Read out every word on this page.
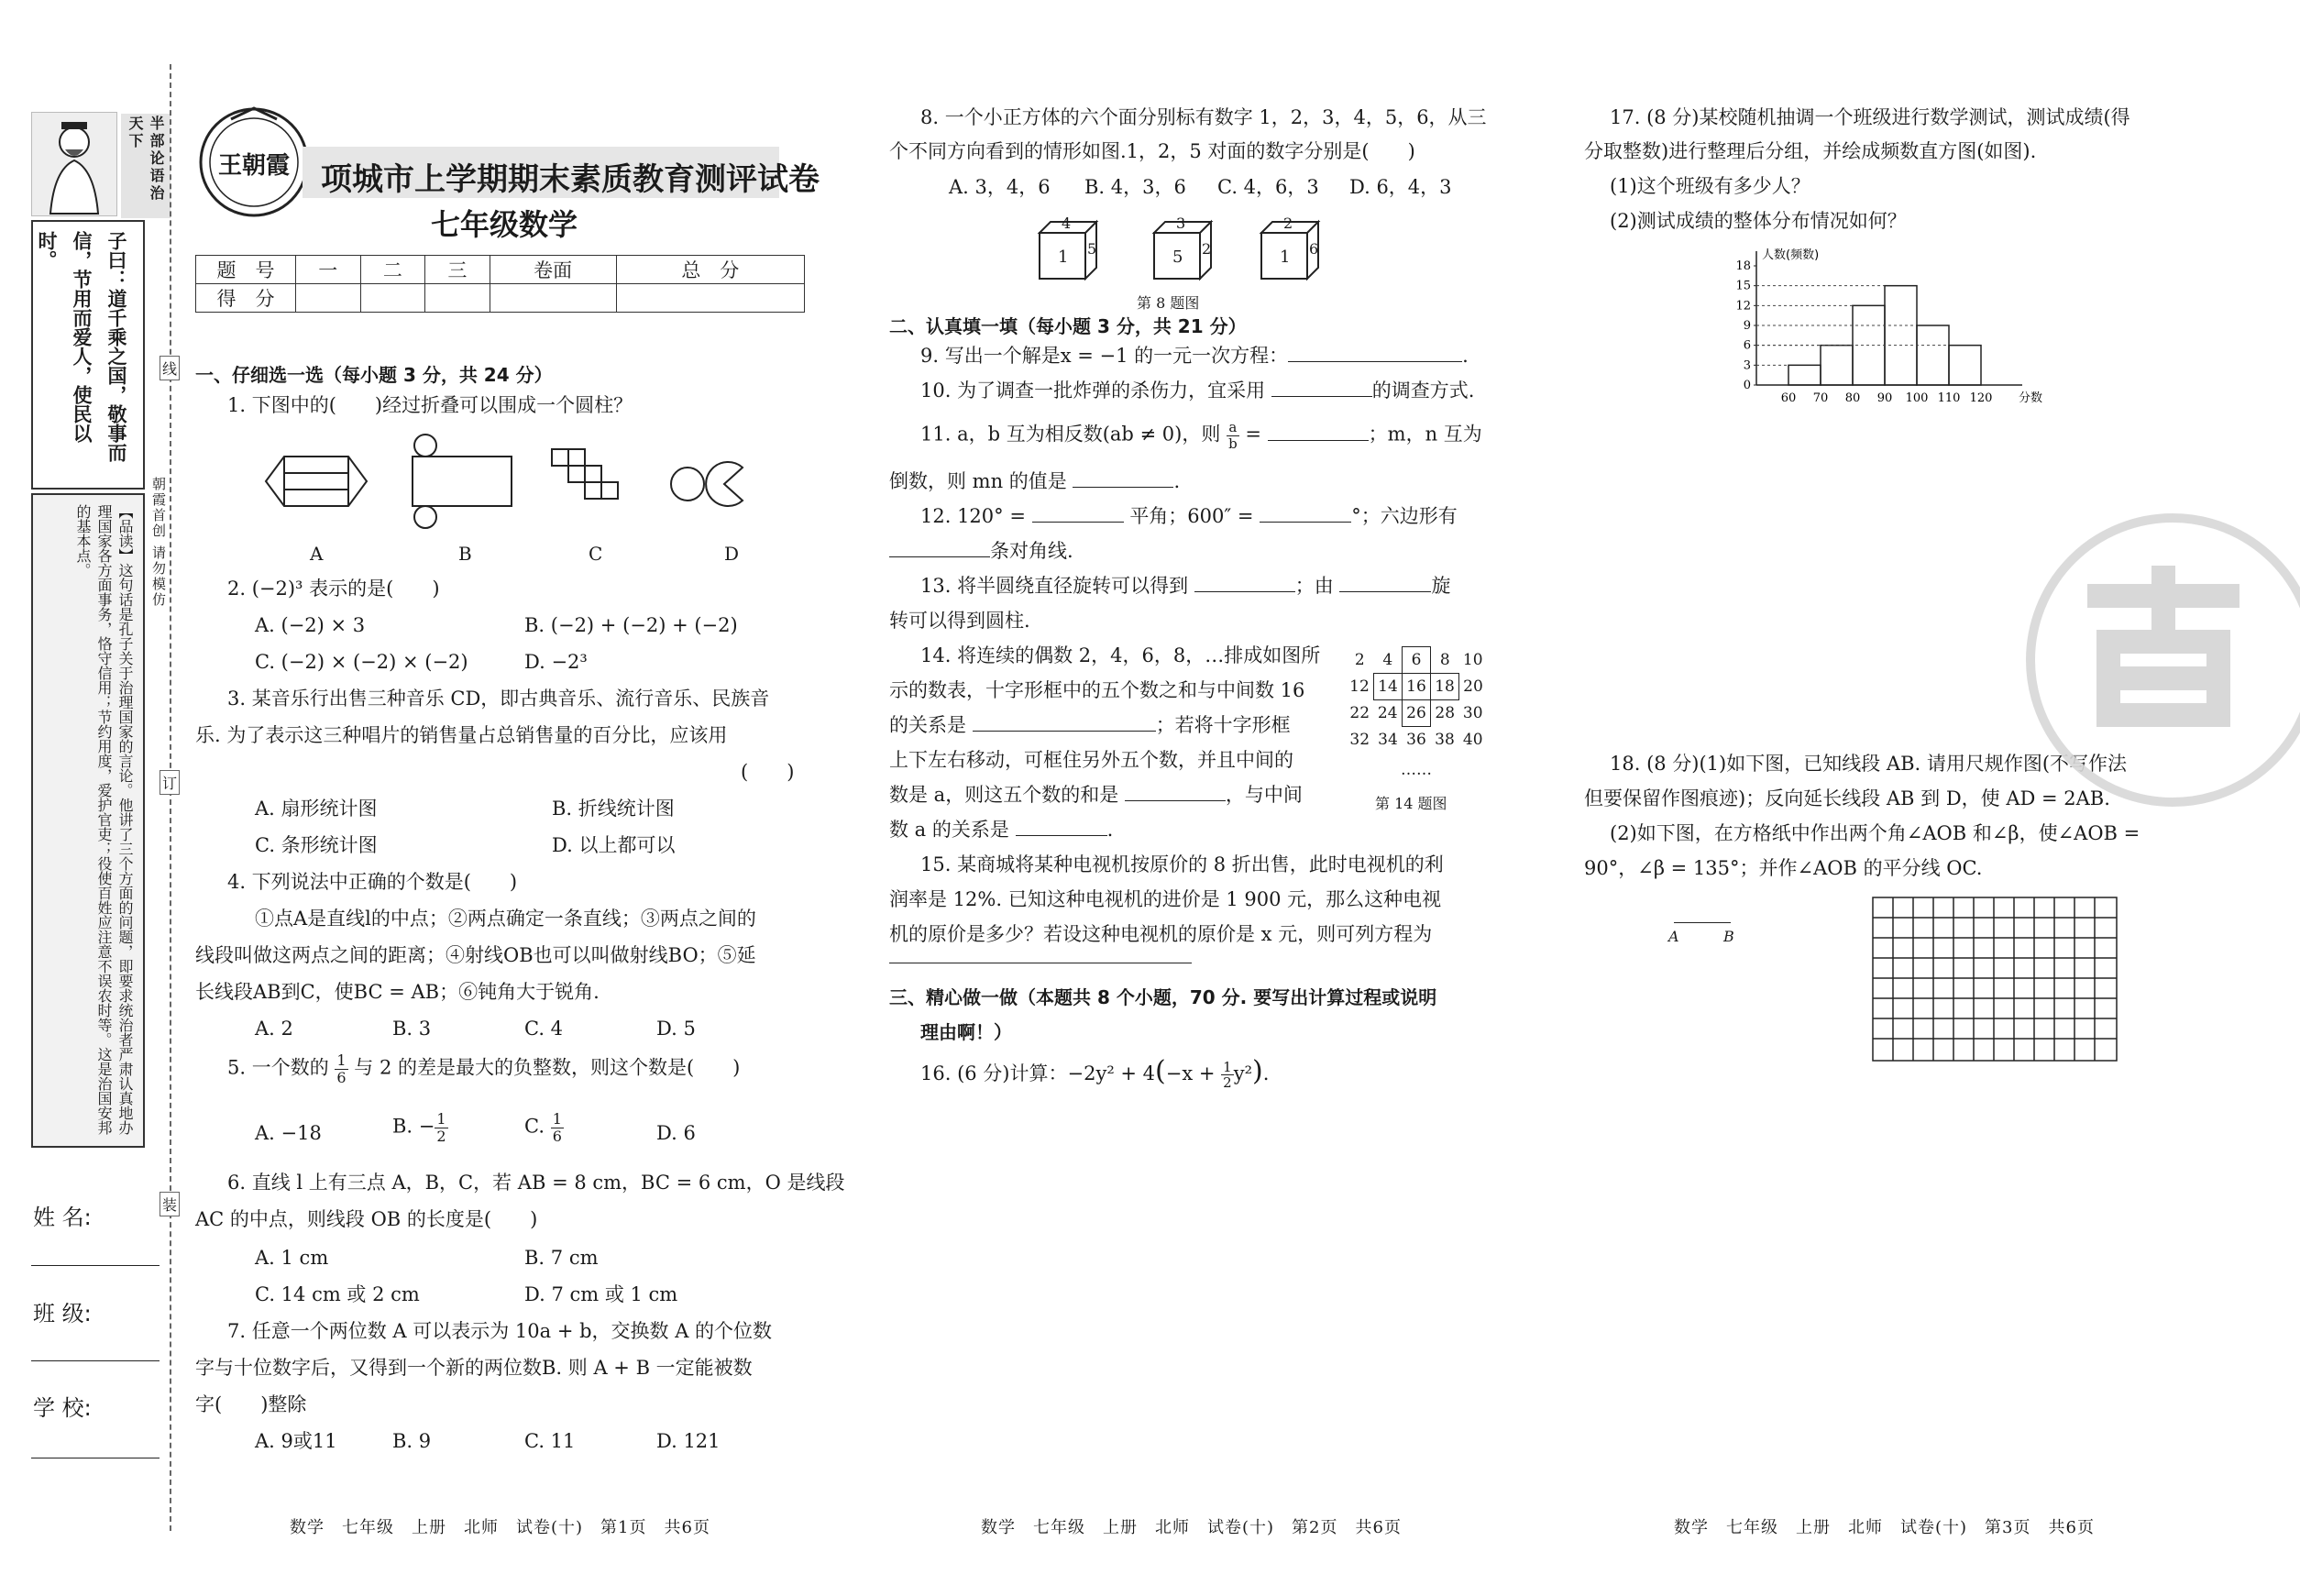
半部论语治天下
子曰：道千乘之国，敬事而信，节用而爱人，使民以时。
【品读】这句话是孔子关于治理国家的言论。他讲了三个方面的问题，即要求统治者严肃认真地办理国家各方面事务，恪守信用；节约用度，爱护官吏；役使百姓应注意不误农时等。这是治国安邦的基本点。
姓 名:
班 级:
学 校:
线
订
装
朝霞首创 请勿模仿
王朝霞	项城市上学期期末素质教育测评试卷
七年级数学
题　号	一	二	三	卷面	总　分
得　分					
一、仔细选一选（每小题 3 分，共 24 分）
1. 下图中的(　　)经过折叠可以围成一个圆柱？
A	B	C	D
2. (−2)³ 表示的是(　　)
A. (−2) × 3	B. (−2) + (−2) + (−2)
C. (−2) × (−2) × (−2)	D. −2³
3. 某音乐行出售三种音乐 CD，即古典音乐、流行音乐、民族音
乐. 为了表示这三种唱片的销售量占总销售量的百分比，应该用
(　　)
A. 扇形统计图	B. 折线统计图
C. 条形统计图	D. 以上都可以
4. 下列说法中正确的个数是(　　)
①点A是直线l的中点；②两点确定一条直线；③两点之间的
线段叫做这两点之间的距离；④射线OB也可以叫做射线BO；⑤延
长线段AB到C，使BC = AB；⑥钝角大于锐角.
A. 2	B. 3	C. 4	D. 5
5. 一个数的 $\frac{1}{6}$ 与 2 的差是最大的负整数，则这个数是(　　)
A. −18	B. − $\frac{1}{2}$	C. $\frac{1}{6}$	D. 6
6. 直线 l 上有三点 A，B，C，若 AB = 8 cm，BC = 6 cm，O 是线段
AC 的中点，则线段 OB 的长度是(　　)
A. 1 cm	B. 7 cm
C. 14 cm 或 2 cm	D. 7 cm 或 1 cm
7. 任意一个两位数 A 可以表示为 10a + b，交换数 A 的个位数
字与十位数字后，又得到一个新的两位数B. 则 A + B 一定能被数
字(　　)整除
A. 9或11	B. 9	C. 11	D. 121
数学　七年级　上册　北师　试卷(十)　第1页　共6页
8. 一个小正方体的六个面分别标有数字 1，2，3，4，5，6，从三
个不同方向看到的情形如图.1，2，5 对面的数字分别是(　　)
A. 3，4，6 B. 4，3，6 C. 4，6，3 D. 6，4，3
4
1 5
3
5 2
2
1 6
第 8 题图
二、认真填一填（每小题 3 分，共 21 分）
9. 写出一个解是x = −1 的一元一次方程：	.
10. 为了调查一批炸弹的杀伤力，宜采用	的调查方式.
11. a，b 互为相反数(ab ≠ 0)，则 $\frac{a}{b}$ =	；m，n 互为
倒数，则 mn 的值是	.
12. 120° =	平角；600″ =	°；六边形有
条对角线.
13. 将半圆绕直径旋转可以得到	；由	旋
转可以得到圆柱.
14. 将连续的偶数 2，4，6，8，…排成如图所
示的数表，十字形框中的五个数之和与中间数 16
的关系是	；若将十字形框
上下左右移动，可框住另外五个数，并且中间的
数是 a，则这五个数的和是	，与中间
数 a 的关系是	.
2	4	6	8	10
12	14	16	18	20
22	24	26	28	30
32	34	36	38	40
……
第 14 题图
15. 某商城将某种电视机按原价的 8 折出售，此时电视机的利
润率是 12%. 已知这种电视机的进价是 1 900 元，那么这种电视
机的原价是多少？若设这种电视机的原价是 x 元，则可列方程为
三、精心做一做（本题共 8 个小题，70 分. 要写出计算过程或说明
理由啊！）
16. (6 分)计算：$-2y^2 + 4(-x + \frac{1}{2} y^2)$.
数学　七年级　上册　北师　试卷(十)　第2页　共6页
17. (8 分)某校随机抽调一个班级进行数学测试，测试成绩(得
分取整数)进行整理后分组，并绘成频数直方图(如图).
(1)这个班级有多少人？
(2)测试成绩的整体分布情况如何？
0
3
6
9
12
15
18
60 70 80 90 100 110 120
人数(频数)
分数
18. (8 分)(1)如下图，已知线段 AB. 请用尺规作图(不写作法
但要保留作图痕迹)；反向延长线段 AB 到 D，使 AD = 2AB.
(2)如下图，在方格纸中作出两个角∠AOB 和∠β，使∠AOB =
90°，∠β = 135°；并作∠AOB 的平分线 OC.
A	B
数学　七年级　上册　北师　试卷(十)　第3页　共6页
